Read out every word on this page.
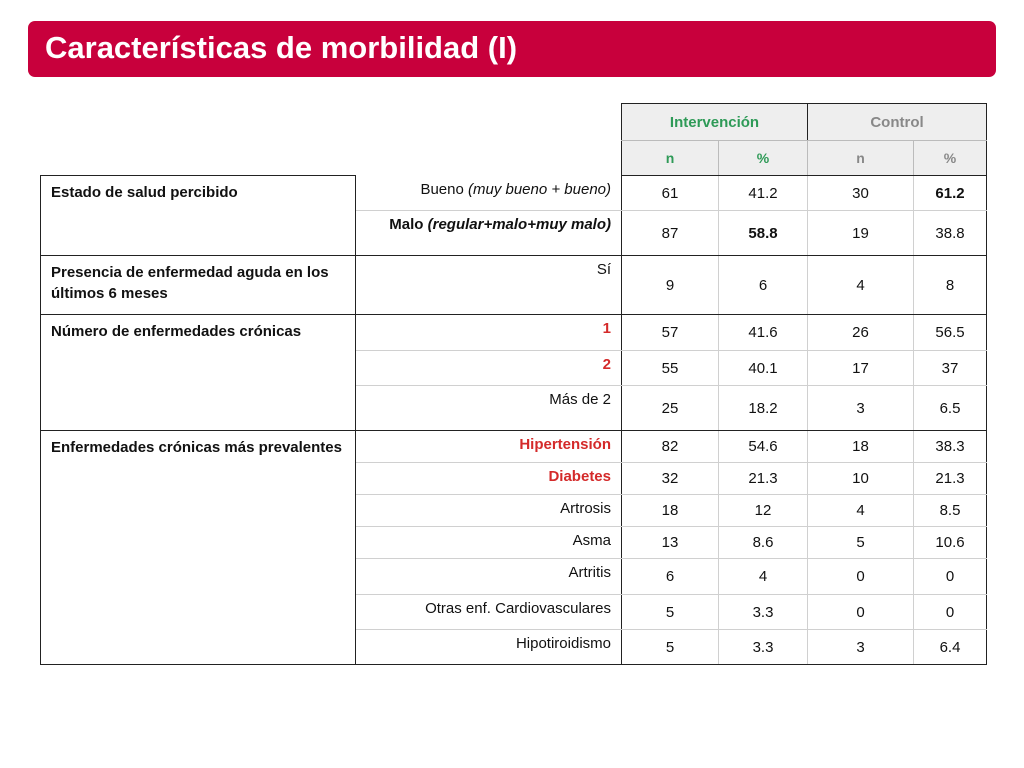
Características de morbilidad (I)
		Intervención		Control	
		n	%	n	%
Estado de salud percibido	Bueno (muy bueno + bueno)	61	41.2	30	61.2
	Malo (regular+malo+muy malo)	87	58.8	19	38.8
Presencia de enfermedad aguda en los últimos 6 meses	Sí	9	6	4	8
Número de enfermedades crónicas	1	57	41.6	26	56.5
	2	55	40.1	17	37
	Más de 2	25	18.2	3	6.5
Enfermedades crónicas más prevalentes	Hipertensión	82	54.6	18	38.3
	Diabetes	32	21.3	10	21.3
	Artrosis	18	12	4	8.5
	Asma	13	8.6	5	10.6
	Artritis	6	4	0	0
	Otras enf. Cardiovasculares	5	3.3	0	0
	Hipotiroidismo	5	3.3	3	6.4
